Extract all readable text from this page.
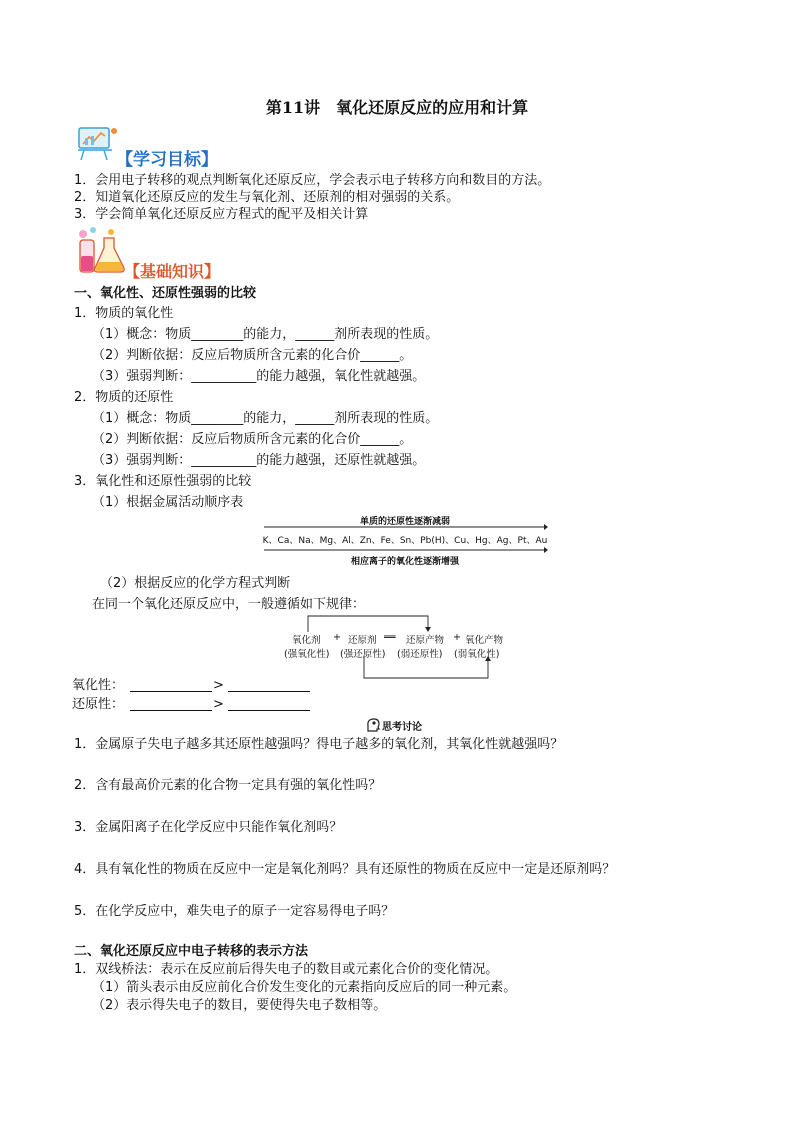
第11讲　氧化还原反应的应用和计算
【学习目标】
1．会用电子转移的观点判断氧化还原反应，学会表示电子转移方向和数目的方法。
2．知道氧化还原反应的发生与氧化剂、还原剂的相对强弱的关系。
3．学会简单氧化还原反应方程式的配平及相关计算
【基础知识】
一、氧化性、还原性强弱的比较
1．物质的氧化性
（1）概念：物质________的能力，______剂所表现的性质。
（2）判断依据：反应后物质所含元素的化合价______。
（3）强弱判断：__________的能力越强，氧化性就越强。
2．物质的还原性
（1）概念：物质________的能力，______剂所表现的性质。
（2）判断依据：反应后物质所含元素的化合价______。
（3）强弱判断：__________的能力越强，还原性就越强。
3．氧化性和还原性强弱的比较
（1）根据金属活动顺序表
单质的还原性逐渐减弱
K、Ca、Na、Mg、Al、Zn、Fe、Sn、Pb(H)、Cu、Hg、Ag、Pt、Au
相应离子的氧化性逐渐增强
（2）根据反应的化学方程式判断
在同一个氧化还原反应中，一般遵循如下规律：
氧化剂 + 还原剂 ══ 还原产物 + 氧化产物
(强氧化性) (强还原性) (弱还原性) (弱氧化性)
氧化性：	>
还原性：	>
思考讨论
1．金属原子失电子越多其还原性越强吗？得电子越多的氧化剂，其氧化性就越强吗？
2．含有最高价元素的化合物一定具有强的氧化性吗？
3．金属阳离子在化学反应中只能作氧化剂吗？
4．具有氧化性的物质在反应中一定是氧化剂吗？具有还原性的物质在反应中一定是还原剂吗？
5．在化学反应中，难失电子的原子一定容易得电子吗？
二、氧化还原反应中电子转移的表示方法
1．双线桥法：表示在反应前后得失电子的数目或元素化合价的变化情况。
（1）箭头表示由反应前化合价发生变化的元素指向反应后的同一种元素。
（2）表示得失电子的数目，要使得失电子数相等。
